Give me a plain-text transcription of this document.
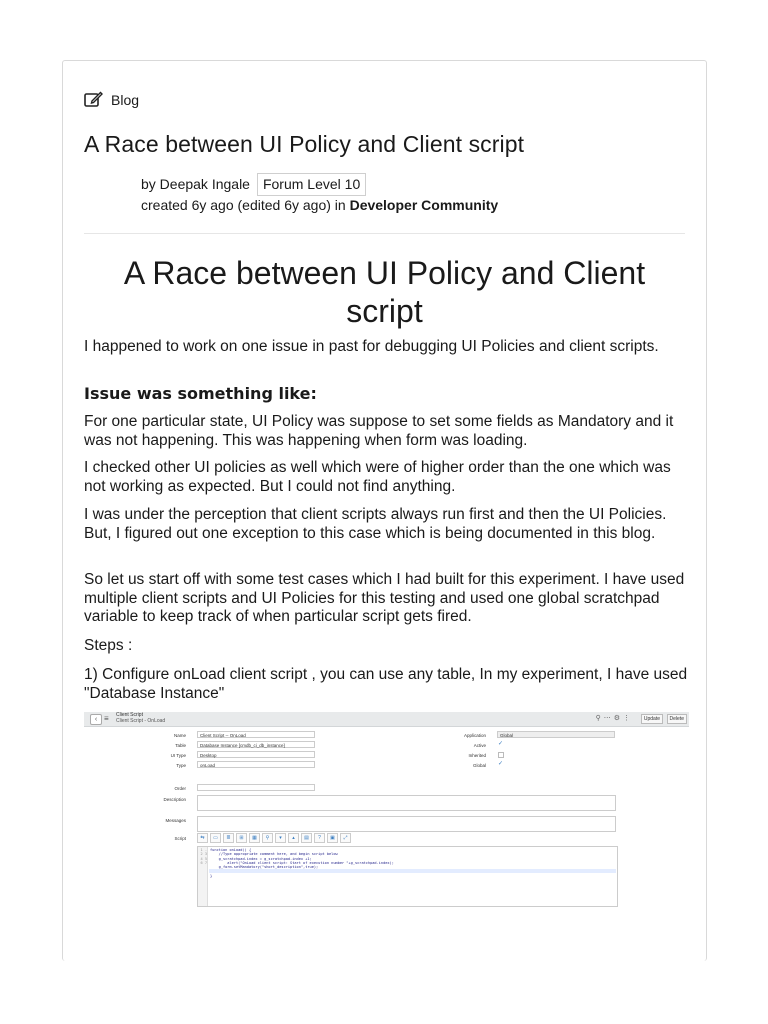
Blog
A Race between UI Policy and Client script
by Deepak Ingale Forum Level 10
created 6y ago (edited 6y ago) in Developer Community
A Race between UI Policy and Client script

I happened to work on one issue in past for debugging UI Policies and client scripts.

Issue was something like:

For one particular state, UI Policy was suppose to set some fields as Mandatory and it was not happening. This was happening when form was loading.

I checked other UI policies as well which were of higher order than the one which was not working as expected. But I could not find anything.

I was under the perception that client scripts always run first and then the UI Policies. But, I figured out one exception to this case which is being documented in this blog.

So let us start off with some test cases which I had built for this experiment. I have used multiple client scripts and UI Policies for this testing and used one global scratchpad variable to keep track of when particular script gets fired.

Steps :

1) Configure onLoad client script , you can use any table, In my experiment, I have used "Database Instance"

‹ ≡ Client Script
Client Script - OnLoad	⚲⋯⚙⋮	Update	Delete
Name	Client Script -- OnLoad
Table	Database Instance [cmdb_ci_db_instance]
UI Type	Desktop
Type	onLoad
Application	Global
Active ✓
Inherited
Global ✓
Order
Description
Messages
Script	⇆	▭	≣	⊞	▦	⚲	▾	▴	▤	?	▣	⤢
1 - 2 3 4 5 6 7
function onLoad() {
//Type appropriate comment here, and begin script below
g_scratchpad.index = g_scratchpad.index +1;
alert("OnLoad client script: Start of execution number "+g_scratchpad.index);
g_form.setMandatory("short_description",true);

}
